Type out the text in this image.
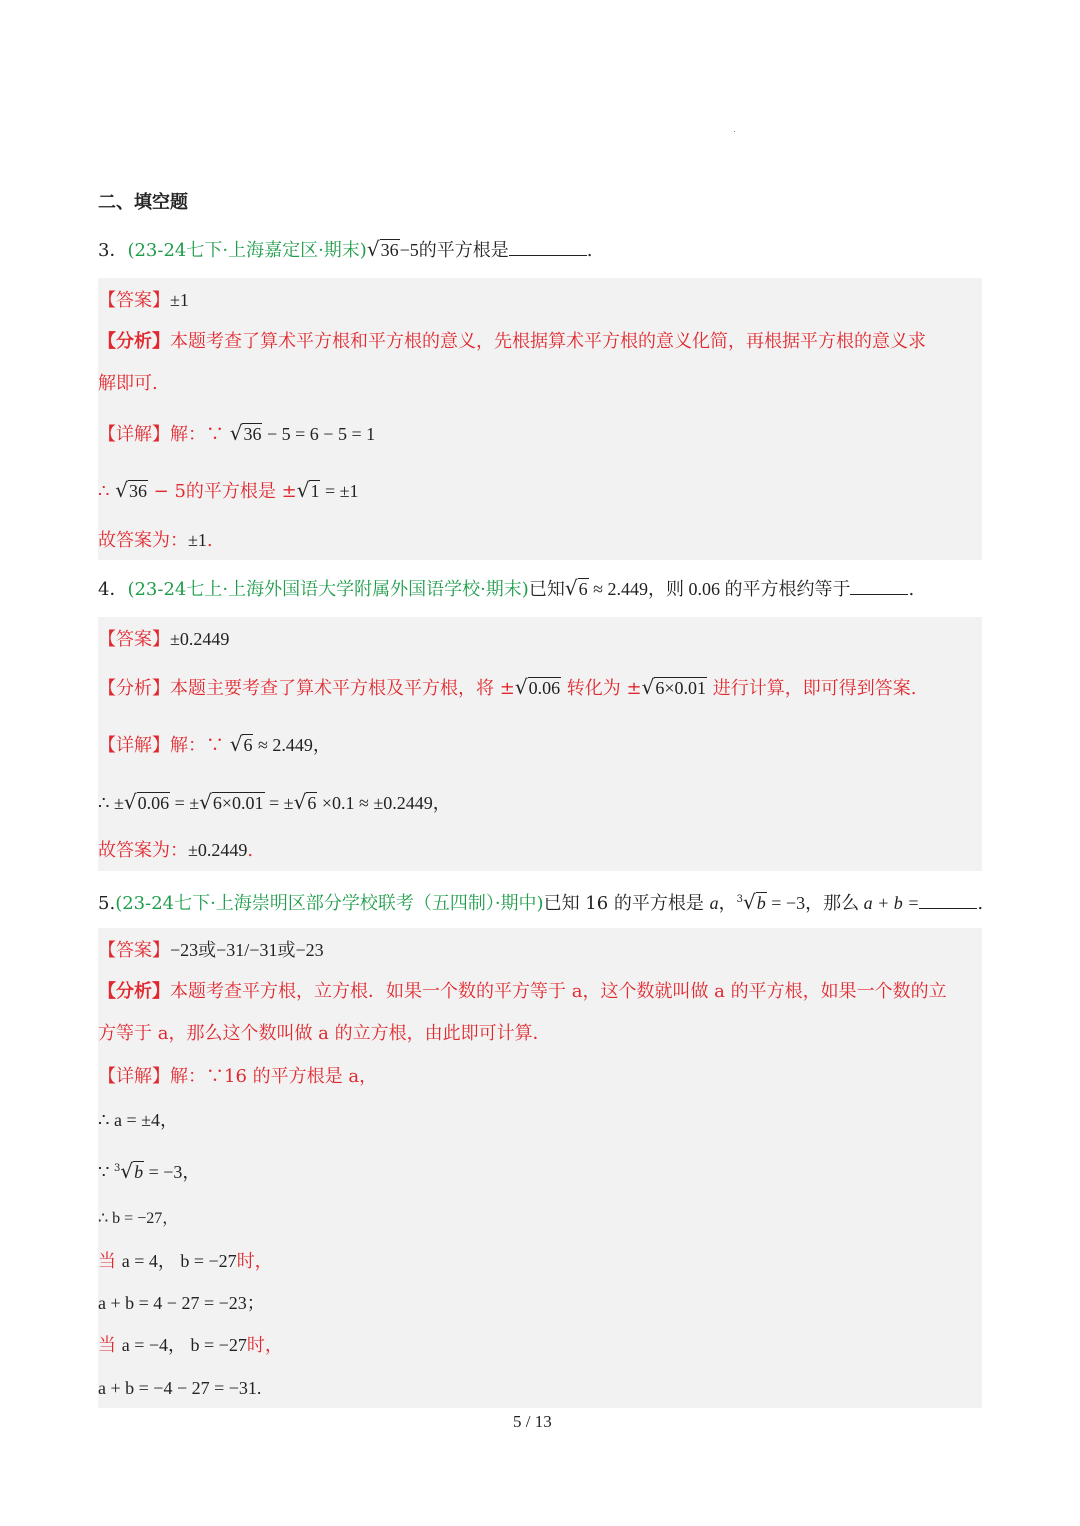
二、填空题
3．(23-24七下·上海嘉定区·期末)√36−5的平方根是	.
【答案】±1
【分析】本题考查了算术平方根和平方根的意义，先根据算术平方根的意义化简，再根据平方根的意义求
解即可.
【详解】解：∵ √36 − 5 = 6 − 5 = 1
∴ √36 − 5的平方根是 ±√1 = ±1
故答案为：±1.
4．(23-24七上·上海外国语大学附属外国语学校·期末)已知√6 ≈ 2.449，则 0.06 的平方根约等于	.
【答案】±0.2449
【分析】本题主要考查了算术平方根及平方根，将 ±√0.06 转化为 ±√6×0.01 进行计算，即可得到答案.
【详解】解：∵ √6 ≈ 2.449，
∴ ±√0.06 = ±√6×0.01 = ±√6 ×0.1 ≈ ±0.2449，
故答案为：±0.2449.
5.(23-24七下·上海崇明区部分学校联考（五四制）·期中)已知 16 的平方根是 a，$^3$√b = −3，那么 a + b =	.
【答案】−23或−31/−31或−23
【分析】本题考查平方根，立方根．如果一个数的平方等于 a，这个数就叫做 a 的平方根，如果一个数的立
方等于 a，那么这个数叫做 a 的立方根，由此即可计算．
【详解】解：∵16 的平方根是 a，
∴ a = ±4，
∵ $^3$√b = −3，
∴ b = −27，
当 a = 4， b = −27时，
a + b = 4 − 27 = −23；
当 a = −4， b = −27时，
a + b = −4 − 27 = −31.
5 / 13
